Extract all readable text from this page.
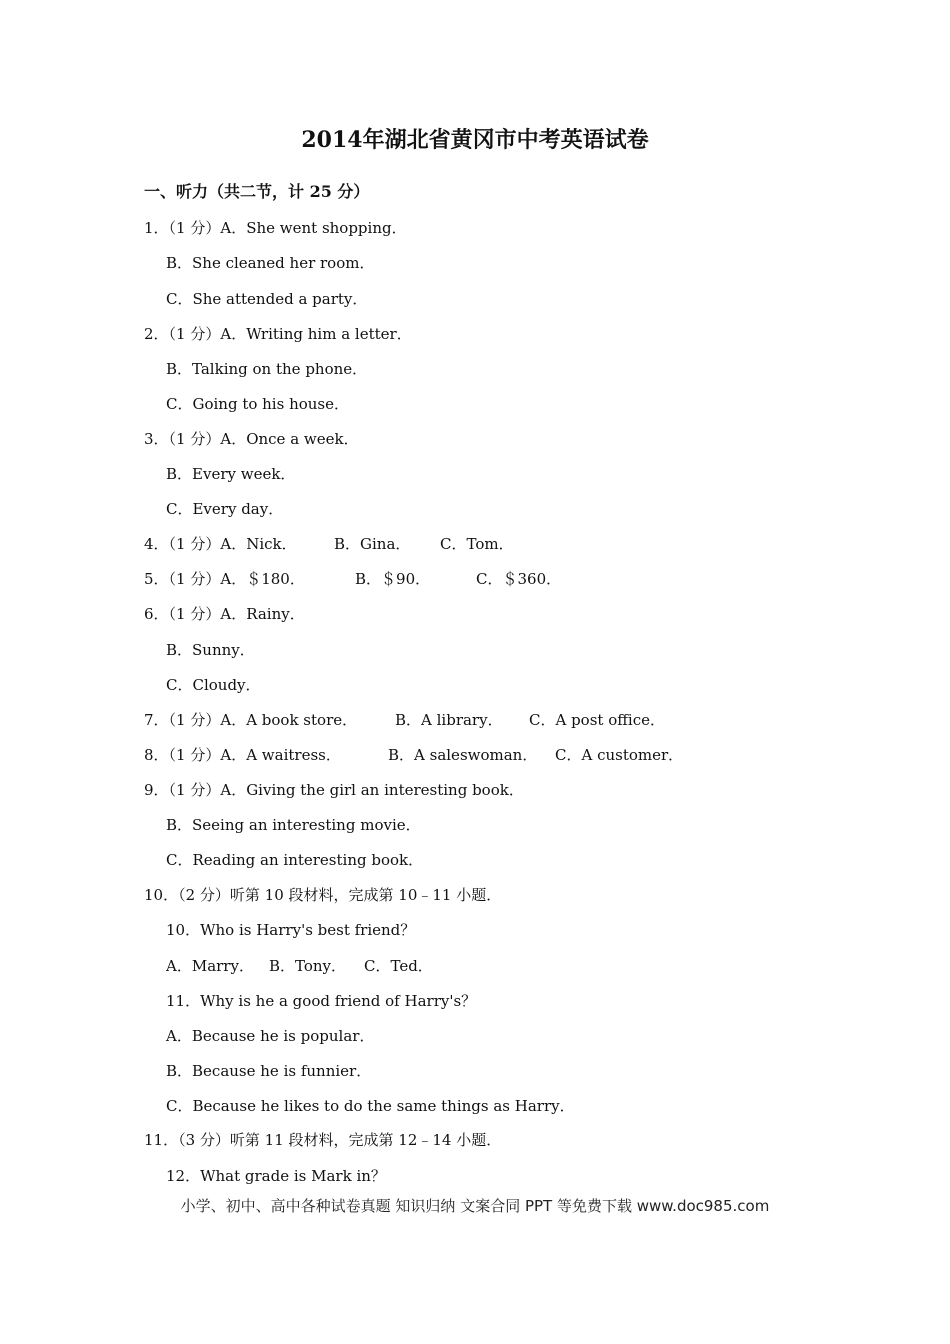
2014年湖北省黄冈市中考英语试卷
一、听力（共二节，计 25 分）
1．（1 分）A．She went shopping．
B．She cleaned her room．
C．She attended a party．
2．（1 分）A．Writing him a letter．
B．Talking on the phone．
C．Going to his house．
3．（1 分）A．Once a week．
B．Every week．
C．Every day．
4．（1 分）A．Nick． B．Gina． C．Tom．
5．（1 分）A．＄180．	B．＄90．	C．＄360．
6．（1 分）A．Rainy．
B．Sunny．
C．Cloudy．
7．（1 分）A．A book store．	B．A library． C．A post office．
8．（1 分）A．A waitress．	B．A saleswoman． C．A customer．
9．（1 分）A．Giving the girl an interesting book．
B．Seeing an interesting movie．
C．Reading an interesting book．
10．（2 分）听第 10 段材料，完成第 10﹣11 小题．
10．Who is Harry's best friend？
A．Marry． B．Tony． C．Ted．
11．Why is he a good friend of Harry's？
A．Because he is popular．
B．Because he is funnier．
C．Because he likes to do the same things as Harry．
11．（3 分）听第 11 段材料，完成第 12﹣14 小题．
12．What grade is Mark in？
小学、初中、高中各种试卷真题 知识归纳 文案合同 PPT 等免费下载 www.doc985.com
